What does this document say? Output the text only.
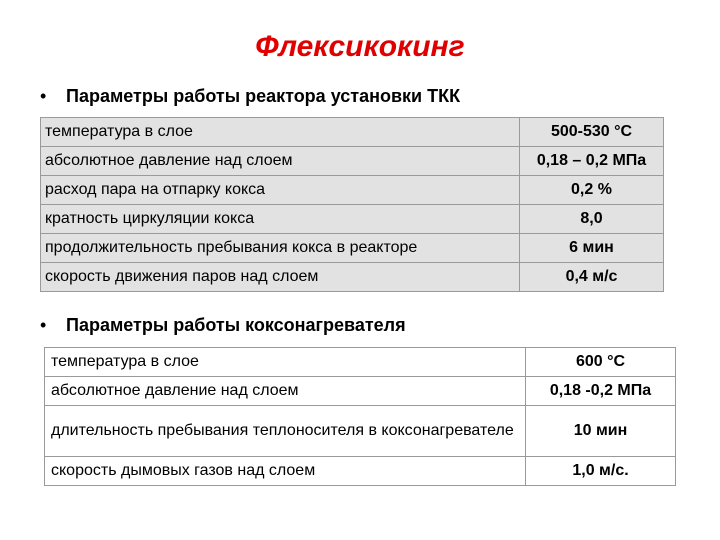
Флексикокинг
• Параметры работы реактора установки ТКК
температура в слое	500-530 °С
абсолютное давление над слоем	0,18 – 0,2 МПа
расход пара на отпарку кокса	0,2 %
кратность циркуляции кокса	8,0
продолжительность пребывания кокса в реакторе	6 мин
скорость движения паров над слоем	0,4 м/с
• Параметры работы коксонагревателя
температура в слое	600 °С
абсолютное давление над слоем	0,18 -0,2 МПа
длительность пребывания теплоносителя в коксонагревателе	10 мин
скорость дымовых газов над слоем	1,0 м/с.
